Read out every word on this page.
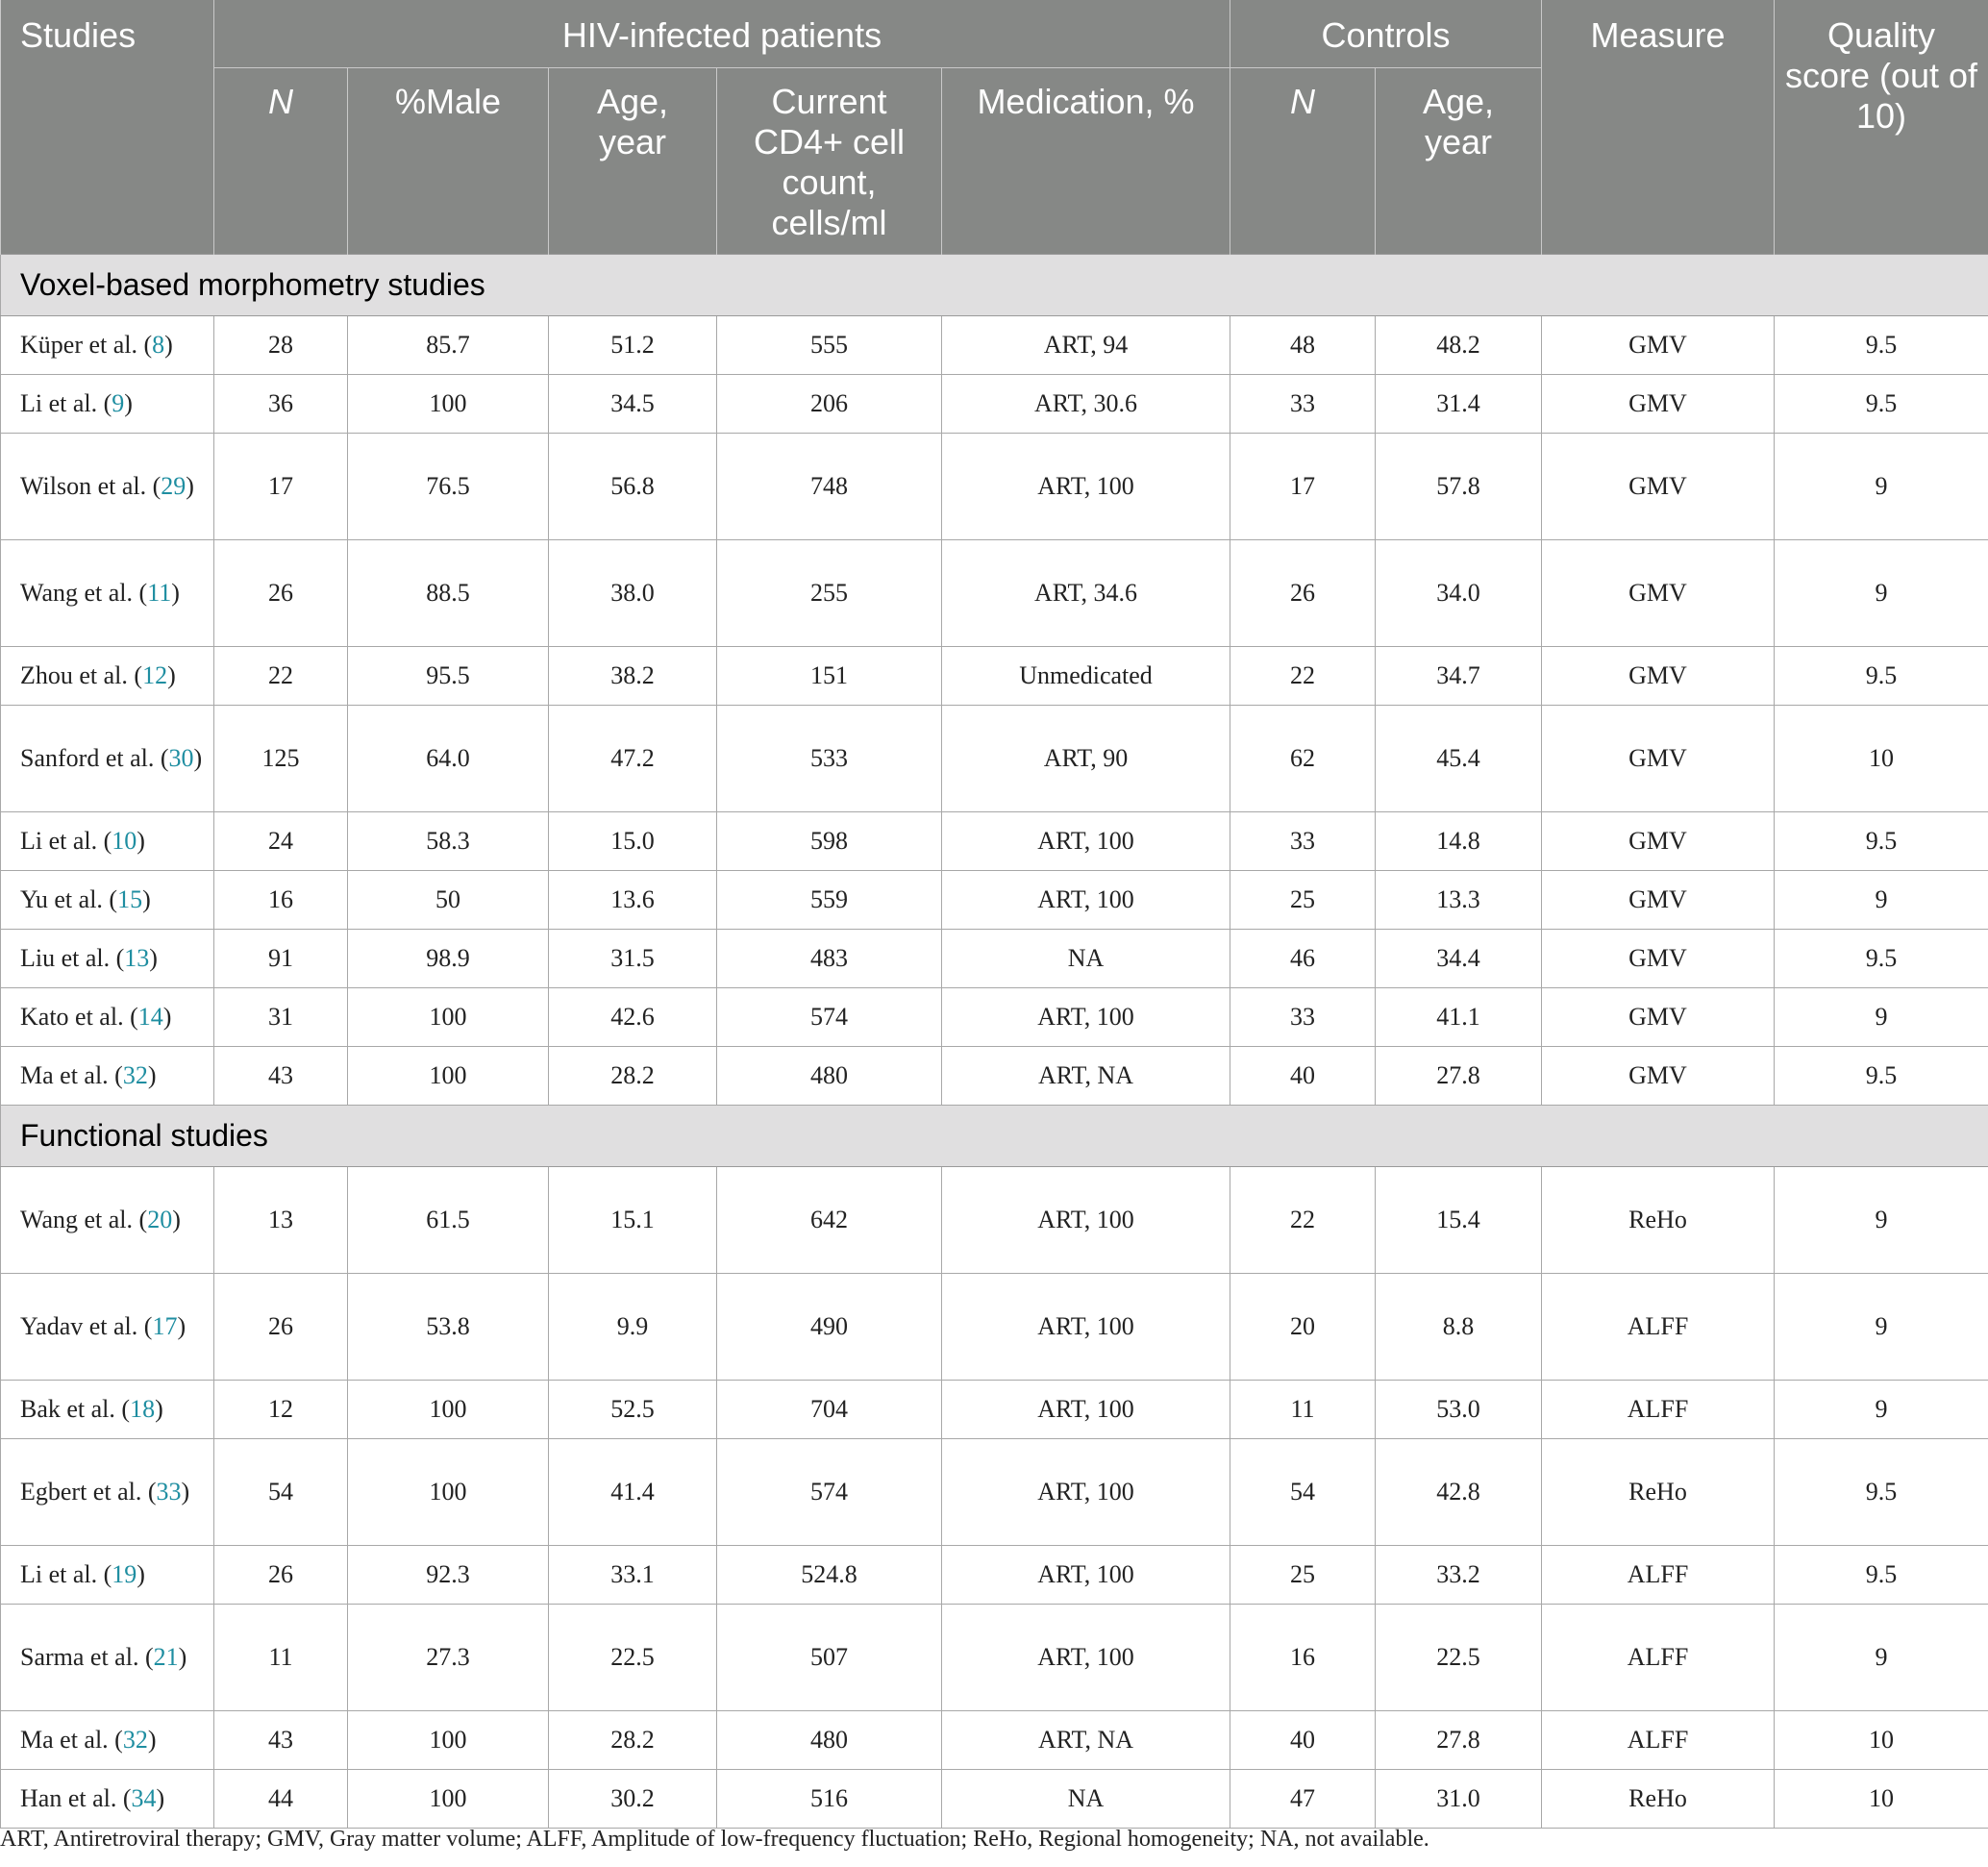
Studies	HIV-infected patients					Controls		Measure	Quality score (out of 10)
	N	%Male	Age, year	Current CD4+ cell count, cells/ml	Medication, %	N	Age, year		
Voxel-based morphometry studies									
Küper et al. (8)	28	85.7	51.2	555	ART, 94	48	48.2	GMV	9.5
Li et al. (9)	36	100	34.5	206	ART, 30.6	33	31.4	GMV	9.5
Wilson et al. (29)	17	76.5	56.8	748	ART, 100	17	57.8	GMV	9
Wang et al. (11)	26	88.5	38.0	255	ART, 34.6	26	34.0	GMV	9
Zhou et al. (12)	22	95.5	38.2	151	Unmedicated	22	34.7	GMV	9.5
Sanford et al. (30)	125	64.0	47.2	533	ART, 90	62	45.4	GMV	10
Li et al. (10)	24	58.3	15.0	598	ART, 100	33	14.8	GMV	9.5
Yu et al. (15)	16	50	13.6	559	ART, 100	25	13.3	GMV	9
Liu et al. (13)	91	98.9	31.5	483	NA	46	34.4	GMV	9.5
Kato et al. (14)	31	100	42.6	574	ART, 100	33	41.1	GMV	9
Ma et al. (32)	43	100	28.2	480	ART, NA	40	27.8	GMV	9.5
Functional studies									
Wang et al. (20)	13	61.5	15.1	642	ART, 100	22	15.4	ReHo	9
Yadav et al. (17)	26	53.8	9.9	490	ART, 100	20	8.8	ALFF	9
Bak et al. (18)	12	100	52.5	704	ART, 100	11	53.0	ALFF	9
Egbert et al. (33)	54	100	41.4	574	ART, 100	54	42.8	ReHo	9.5
Li et al. (19)	26	92.3	33.1	524.8	ART, 100	25	33.2	ALFF	9.5
Sarma et al. (21)	11	27.3	22.5	507	ART, 100	16	22.5	ALFF	9
Ma et al. (32)	43	100	28.2	480	ART, NA	40	27.8	ALFF	10
Han et al. (34)	44	100	30.2	516	NA	47	31.0	ReHo	10

ART, Antiretroviral therapy; GMV, Gray matter volume; ALFF, Amplitude of low-frequency fluctuation; ReHo, Regional homogeneity; NA, not available.
